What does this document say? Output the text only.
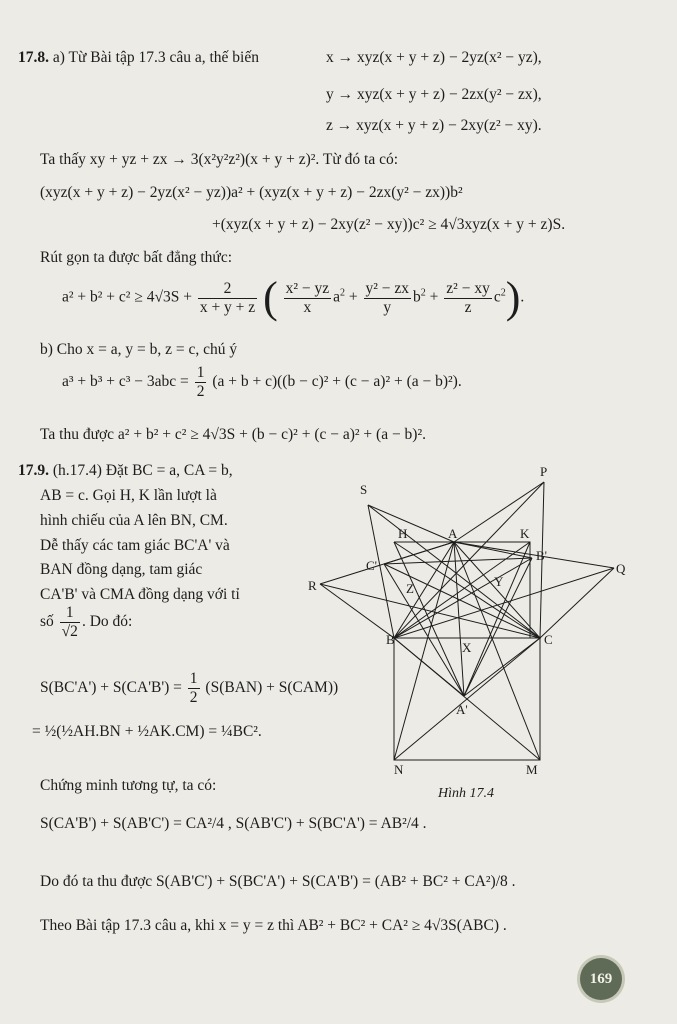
17.8. a) Từ Bài tập 17.3 câu a, thế biến	x → xyz(x + y + z) − 2yz(x² − yz),
y → xyz(x + y + z) − 2zx(y² − zx),
z → xyz(x + y + z) − 2xy(z² − xy).
Ta thấy xy + yz + zx → 3(x²y²z²)(x + y + z)². Từ đó ta có:
(xyz(x + y + z) − 2yz(x² − yz))a² + (xyz(x + y + z) − 2zx(y² − zx))b²
+(xyz(x + y + z) − 2xy(z² − xy))c² ≥ 4√3xyz(x + y + z)S.
Rút gọn ta được bất đẳng thức:
$a^2 + b^2 + c^2 \ge 4√3S + \frac{2}{x + y + z}$ ( $\frac{\text{x² − yz}}{x} a^2 + \frac{\text{y² − zx}}{y} b^2 + \frac{\text{z² − xy}}{z} c^2$).
b) Cho x = a, y = b, z = c, chú ý
$a^3 + b^3 + c^3 - 3abc = \frac{1}{2} (a + b + c)((b - c)^2 + (c - a)^2 + (a - b)^2)$.
Ta thu được a² + b² + c² ≥ 4√3S + (b − c)² + (c − a)² + (a − b)².
17.9. (h.17.4) Đặt BC = a, CA = b,
AB = c. Gọi H, K lần lượt là
hình chiếu của A lên BN, CM.
Dễ thấy các tam giác BC'A' và
BAN đồng dạng, tam giác
CA'B' và CMA đồng dạng với tỉ
số $\frac{1}{√2}$ . Do đó:
$S(BC'A') + S(CA'B') = \frac{1}{2} (S(BAN) + S(CAM))$
= ½(½AH.BN + ½AK.CM) = ¼BC².
Chứng minh tương tự, ta có:
S(CA'B') + S(AB'C') = CA²/4 , S(AB'C') + S(BC'A') = AB²/4 .
Do đó ta thu được S(AB'C') + S(BC'A') + S(CA'B') = (AB² + BC² + CA²)/8 .
Theo Bài tập 17.3 câu a, khi x = y = z thì AB² + BC² + CA² ≥ 4√3S(ABC) .
P
S
H	A	K
B'
Q
C'
Y
Z
R
B	C
X
A'
N	M
Hình 17.4
169
